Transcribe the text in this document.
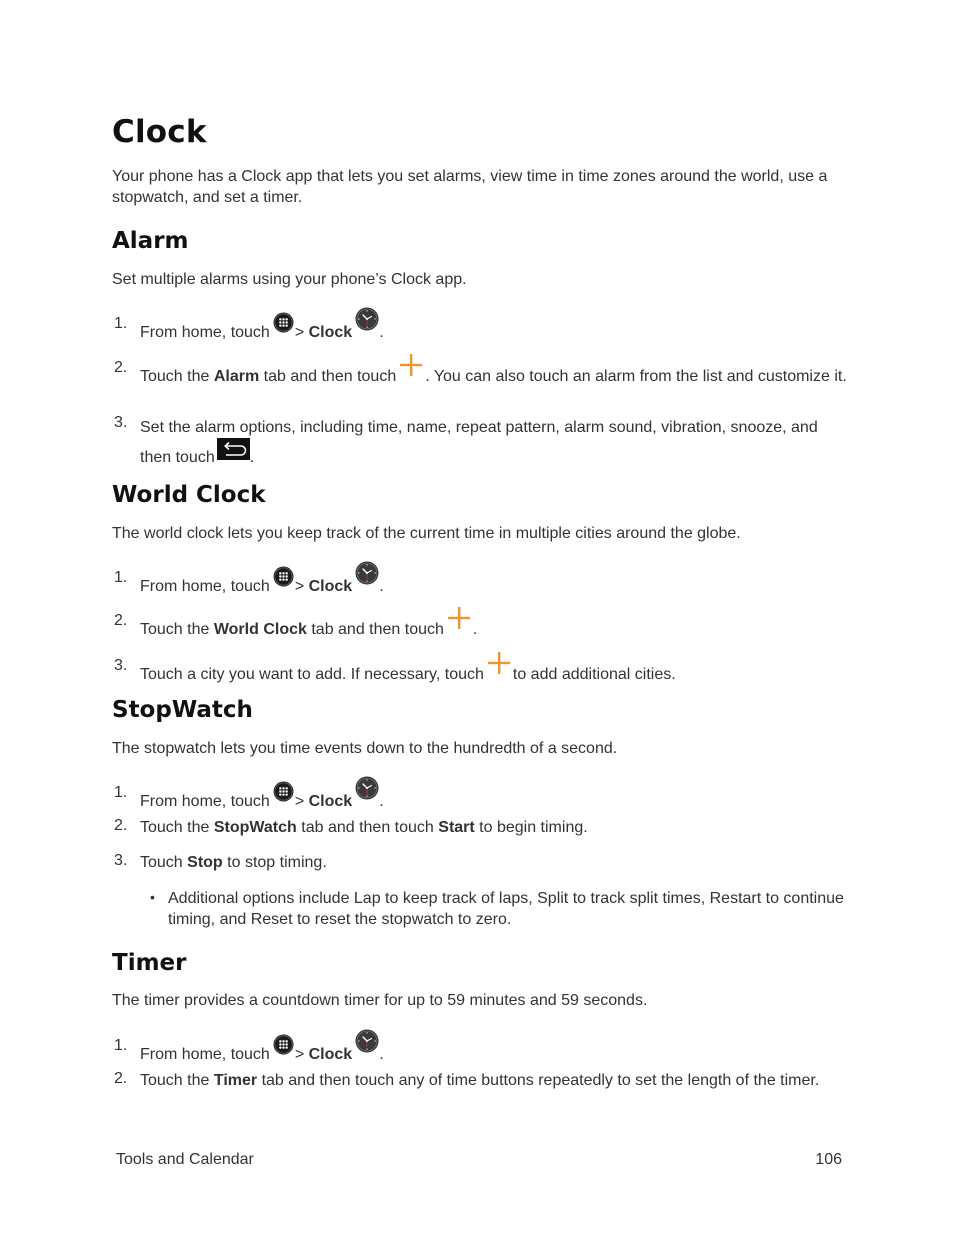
Clock
Your phone has a Clock app that lets you set alarms, view time in time zones around the world, use a stopwatch, and set a timer.
Alarm
Set multiple alarms using your phone’s Clock app.
1.
From home, touch > Clock .
2.
Touch the Alarm tab and then touch . You can also touch an alarm from the list and customize it.
3. Set the alarm options, including time, name, repeat pattern, alarm sound, vibration, snooze, and then touch .
World Clock
The world clock lets you keep track of the current time in multiple cities around the globe.
1.
From home, touch > Clock .
2.
Touch the World Clock tab and then touch .
3.
Touch a city you want to add. If necessary, touch to add additional cities.
StopWatch
The stopwatch lets you time events down to the hundredth of a second.
1.
From home, touch > Clock .
2. Touch the StopWatch tab and then touch Start to begin timing.
3. Touch Stop to stop timing.
• Additional options include Lap to keep track of laps, Split to track split times, Restart to continue timing, and Reset to reset the stopwatch to zero.
Timer
The timer provides a countdown timer for up to 59 minutes and 59 seconds.
1.
From home, touch > Clock .
2. Touch the Timer tab and then touch any of time buttons repeatedly to set the length of the timer.
Tools and Calendar	106
